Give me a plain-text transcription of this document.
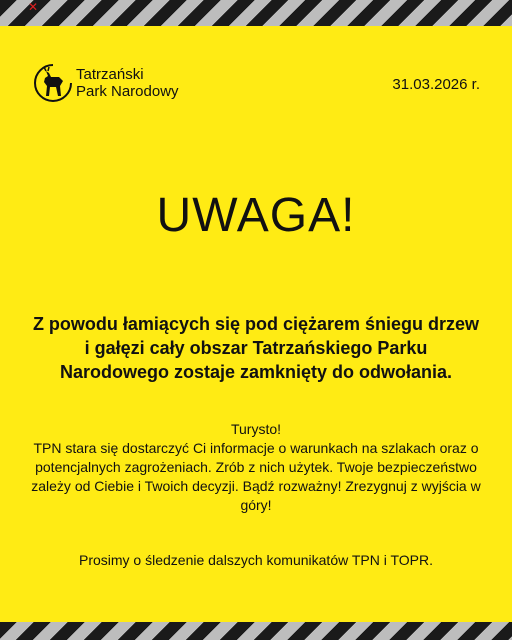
✕
Tatrzański
Park Narodowy	31.03.2026 r.
UWAGA!
Z powodu łamiących się pod ciężarem śniegu drzew i gałęzi cały obszar Tatrzańskiego Parku Narodowego zostaje zamknięty do odwołania.
Turysto!
TPN stara się dostarczyć Ci informacje o warunkach na szlakach oraz o potencjalnych zagrożeniach. Zrób z nich użytek. Twoje bezpieczeństwo zależy od Ciebie i Twoich decyzji. Bądź rozważny! Zrezygnuj z wyjścia w góry!
Prosimy o śledzenie dalszych komunikatów TPN i TOPR.
